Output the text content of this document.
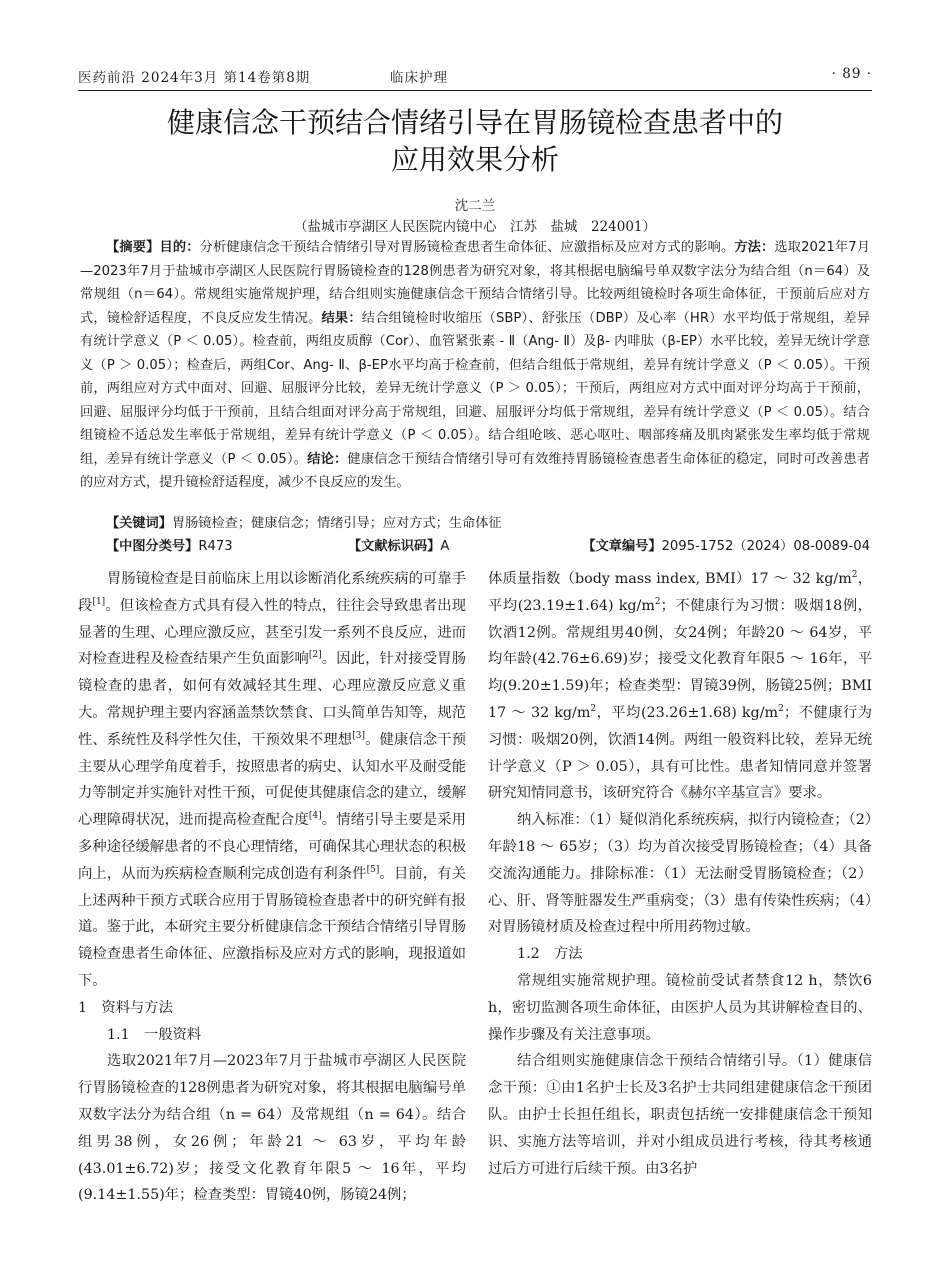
医药前沿 2024年3月 第14卷第8期	临床护理	· 89 ·
健康信念干预结合情绪引导在胃肠镜检查患者中的
应用效果分析
沈二兰
（盐城市亭湖区人民医院内镜中心　江苏　盐城　224001）
【摘要】目的：分析健康信念干预结合情绪引导对胃肠镜检查患者生命体征、应激指标及应对方式的影响。方法：选取2021年7月—2023年7月于盐城市亭湖区人民医院行胃肠镜检查的128例患者为研究对象，将其根据电脑编号单双数字法分为结合组（n＝64）及常规组（n＝64）。常规组实施常规护理，结合组则实施健康信念干预结合情绪引导。比较两组镜检时各项生命体征，干预前后应对方式，镜检舒适程度，不良反应发生情况。结果：结合组镜检时收缩压（SBP）、舒张压（DBP）及心率（HR）水平均低于常规组，差异有统计学意义（P ＜ 0.05）。检查前，两组皮质醇（Cor）、血管紧张素 - Ⅱ（Ang- Ⅱ）及β- 内啡肽（β-EP）水平比较，差异无统计学意义（P ＞ 0.05）；检查后，两组Cor、Ang- Ⅱ、β-EP水平均高于检查前，但结合组低于常规组，差异有统计学意义（P ＜ 0.05）。干预前，两组应对方式中面对、回避、屈服评分比较，差异无统计学意义（P ＞ 0.05）；干预后，两组应对方式中面对评分均高于干预前，回避、屈服评分均低于干预前，且结合组面对评分高于常规组，回避、屈服评分均低于常规组，差异有统计学意义（P ＜ 0.05）。结合组镜检不适总发生率低于常规组，差异有统计学意义（P ＜ 0.05）。结合组呛咳、恶心呕吐、咽部疼痛及肌肉紧张发生率均低于常规组，差异有统计学意义（P ＜ 0.05）。结论：健康信念干预结合情绪引导可有效维持胃肠镜检查患者生命体征的稳定，同时可改善患者的应对方式，提升镜检舒适程度，减少不良反应的发生。
【关键词】胃肠镜检查；健康信念；情绪引导；应对方式；生命体征
【中图分类号】R473	【文献标识码】A	【文章编号】2095-1752（2024）08-0089-04

胃肠镜检查是目前临床上用以诊断消化系统疾病的可靠手段[1]。但该检查方式具有侵入性的特点，往往会导致患者出现显著的生理、心理应激反应，甚至引发一系列不良反应，进而对检查进程及检查结果产生负面影响[2]。因此，针对接受胃肠镜检查的患者，如何有效减轻其生理、心理应激反应意义重大。常规护理主要内容涵盖禁饮禁食、口头简单告知等，规范性、系统性及科学性欠佳，干预效果不理想[3]。健康信念干预主要从心理学角度着手，按照患者的病史、认知水平及耐受能力等制定并实施针对性干预，可促使其健康信念的建立，缓解心理障碍状况，进而提高检查配合度[4]。情绪引导主要是采用多种途径缓解患者的不良心理情绪，可确保其心理状态的积极向上，从而为疾病检查顺利完成创造有利条件[5]。目前，有关上述两种干预方式联合应用于胃肠镜检查患者中的研究鲜有报道。鉴于此，本研究主要分析健康信念干预结合情绪引导胃肠镜检查患者生命体征、应激指标及应对方式的影响，现报道如下。

1　资料与方法

1.1　一般资料

选取2021年7月—2023年7月于盐城市亭湖区人民医院行胃肠镜检查的128例患者为研究对象，将其根据电脑编号单双数字法分为结合组（n = 64）及常规组（n = 64）。结合组男38例，女26例；年龄21 ～ 63岁，平均年龄(43.01±6.72)岁；接受文化教育年限5 ～ 16年，平均(9.14±1.55)年；检查类型：胃镜40例，肠镜24例；

体质量指数（body mass index, BMI）17 ～ 32 $kg/m^2$，平均(23.19±1.64) $kg/m^2$；不健康行为习惯：吸烟18例，饮酒12例。常规组男40例，女24例；年龄20 ～ 64岁，平均年龄(42.76±6.69)岁；接受文化教育年限5 ～ 16年，平均(9.20±1.59)年；检查类型：胃镜39例，肠镜25例；BMI 17 ～ 32 $kg/m^2$，平均(23.26±1.68) $kg/m^2$；不健康行为习惯：吸烟20例，饮酒14例。两组一般资料比较，差异无统计学意义（P ＞ 0.05），具有可比性。患者知情同意并签署研究知情同意书，该研究符合《赫尔辛基宣言》要求。

纳入标准：（1）疑似消化系统疾病，拟行内镜检查；（2）年龄18 ～ 65岁；（3）均为首次接受胃肠镜检查；（4）具备交流沟通能力。排除标准：（1）无法耐受胃肠镜检查；（2）心、肝、肾等脏器发生严重病变；（3）患有传染性疾病；（4）对胃肠镜材质及检查过程中所用药物过敏。

1.2　方法

常规组实施常规护理。镜检前受试者禁食12 h，禁饮6 h，密切监测各项生命体征，由医护人员为其讲解检查目的、操作步骤及有关注意事项。

结合组则实施健康信念干预结合情绪引导。（1）健康信念干预：①由1名护士长及3名护士共同组建健康信念干预团队。由护士长担任组长，职责包括统一安排健康信念干预知识、实施方法等培训，并对小组成员进行考核，待其考核通过后方可进行后续干预。由3名护
